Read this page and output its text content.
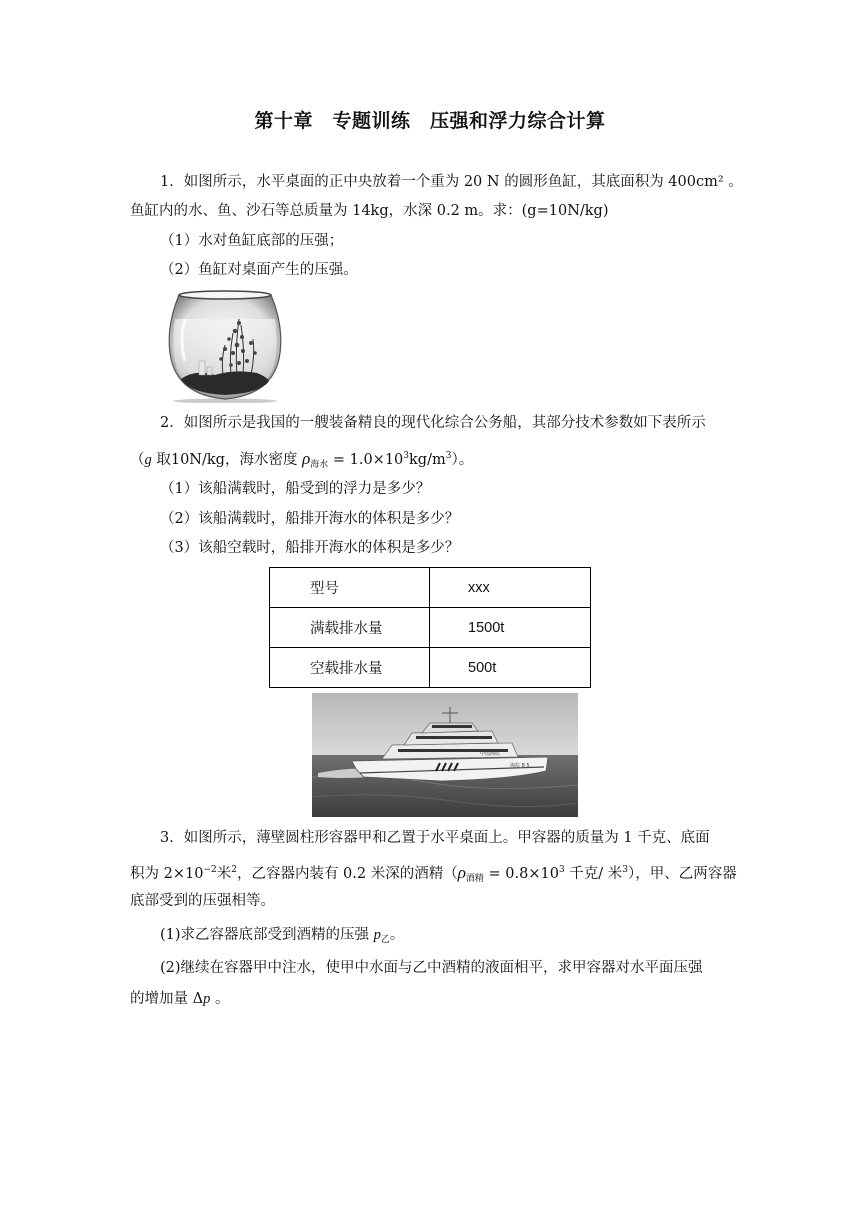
第十章　专题训练　压强和浮力综合计算
1．如图所示，水平桌面的正中央放着一个重为 20 N 的圆形鱼缸，其底面积为 400cm² 。
鱼缸内的水、鱼、沙石等总质量为 14kg，水深 0.2 m。求：(g=10N/kg)
（1）水对鱼缸底部的压强；
（2）鱼缸对桌面产生的压强。
2．如图所示是我国的一艘装备精良的现代化综合公务船，其部分技术参数如下表所示
（g 取10N/kg，海水密度 $\rho_{海水} = 1.0\times 10^3kg/m^3$）。
（1）该船满载时，船受到的浮力是多少？
（2）该船满载时，船排开海水的体积是多少？
（3）该船空载时，船排开海水的体积是多少？
型号	xxx
满载排水量	1500t
空载排水量	500t
中国海监
海监 8 5
3．如图所示，薄壁圆柱形容器甲和乙置于水平桌面上。甲容器的质量为 1 千克、底面
积为 $2\times 10^{-2}$米$^2$，乙容器内装有 0.2 米深的酒精（$\rho_{酒精} = 0.8\times 10^3$ 千克/ 米$^3$），甲、乙两容器
底部受到的压强相等。
(1)求乙容器底部受到酒精的压强 $p_乙$。
(2)继续在容器甲中注水，使甲中水面与乙中酒精的液面相平，求甲容器对水平面压强
的增加量 Δp 。
